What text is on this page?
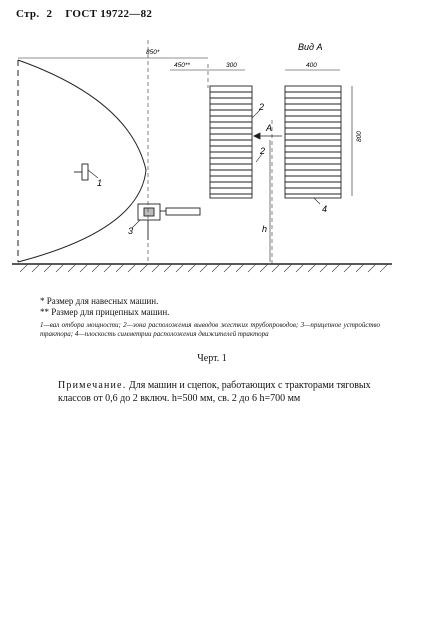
Стр. 2 ГОСТ 19722—82
Вид А
850*
450**	300	400
800
1
2
2
3
4
A
h
* Размер для навесных машин.
** Размер для прицепных машин.
1—вал отбора мощности; 2—зона расположения выводов жестких трубопроводов; 3—прицепное устройство трактора; 4—плоскость симметрии расположения движителей трактора
Черт. 1
Примечание. Для машин и сцепок, работающих с тракторами тяговых классов от 0,6 до 2 включ. h=500 мм, св. 2 до 6 h=700 мм
